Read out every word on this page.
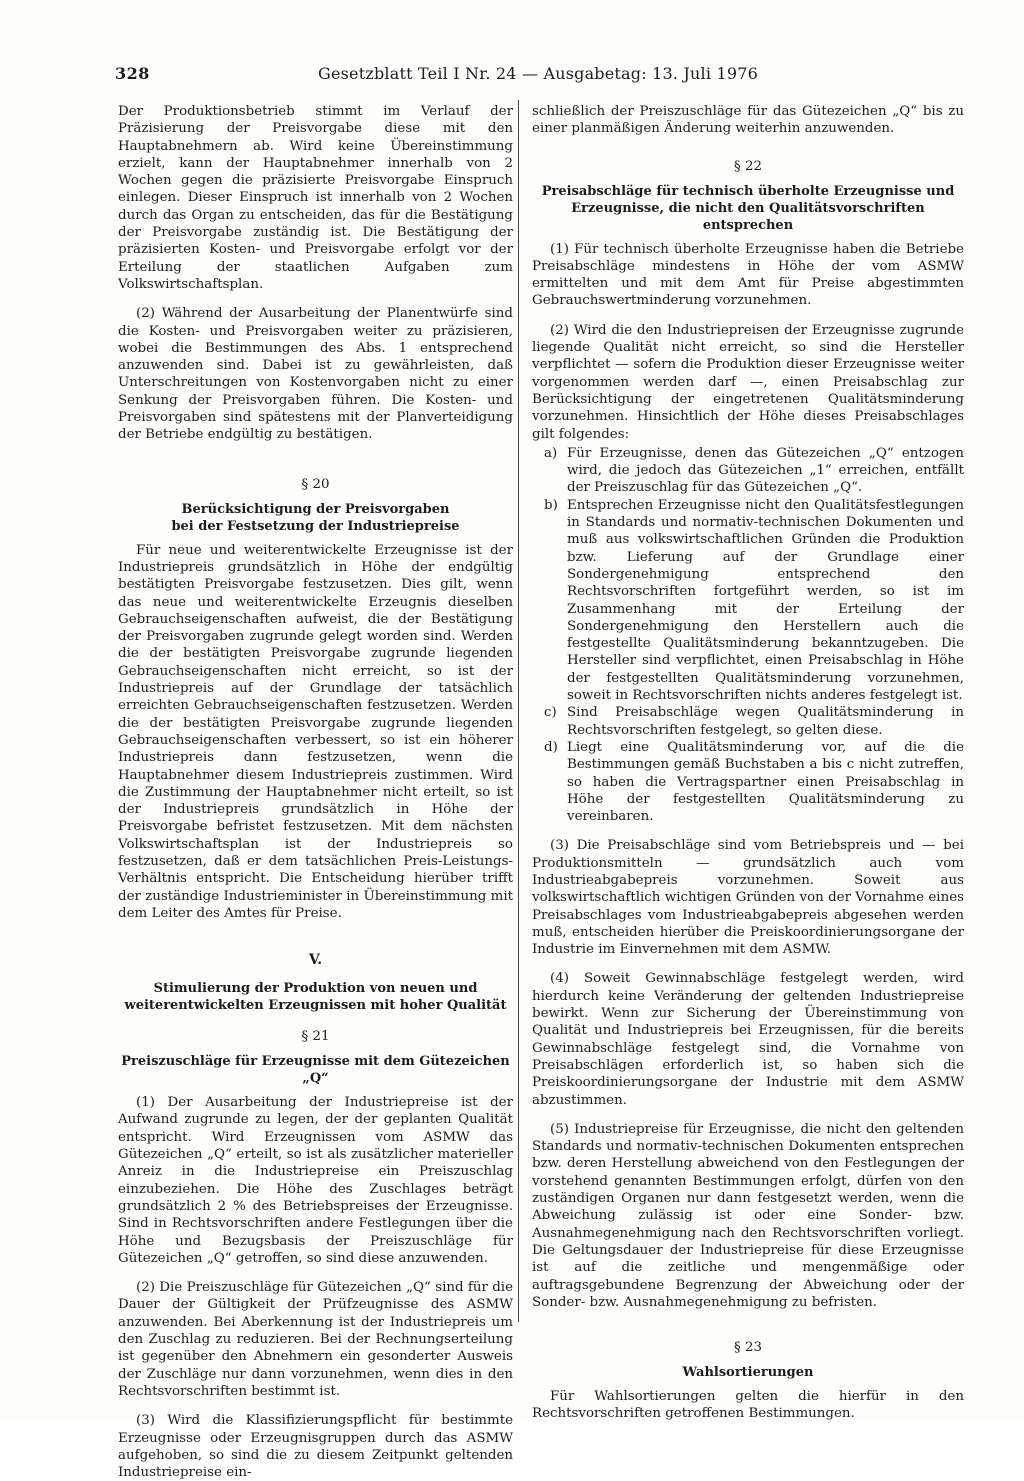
328	Gesetzblatt Teil I Nr. 24 — Ausgabetag: 13. Juli 1976

Der Produktionsbetrieb stimmt im Verlauf der Präzisierung der Preisvorgabe diese mit den Hauptabnehmern ab. Wird keine Übereinstimmung erzielt, kann der Hauptabnehmer innerhalb von 2 Wochen gegen die präzisierte Preisvorgabe Einspruch einlegen. Dieser Einspruch ist innerhalb von 2 Wochen durch das Organ zu entscheiden, das für die Bestätigung der Preisvorgabe zuständig ist. Die Bestätigung der präzisierten Kosten- und Preisvorgabe erfolgt vor der Erteilung der staatlichen Aufgaben zum Volkswirtschaftsplan.

(2) Während der Ausarbeitung der Planentwürfe sind die Kosten- und Preisvorgaben weiter zu präzisieren, wobei die Bestimmungen des Abs. 1 entsprechend anzuwenden sind. Dabei ist zu gewährleisten, daß Unterschreitungen von Kostenvorgaben nicht zu einer Senkung der Preisvorgaben führen. Die Kosten- und Preisvorgaben sind spätestens mit der Planverteidigung der Betriebe endgültig zu bestätigen.

§ 20
Berücksichtigung der Preisvorgaben
bei der Festsetzung der Industriepreise

Für neue und weiterentwickelte Erzeugnisse ist der Industriepreis grundsätzlich in Höhe der endgültig bestätigten Preisvorgabe festzusetzen. Dies gilt, wenn das neue und weiterentwickelte Erzeugnis dieselben Gebrauchseigenschaften aufweist, die der Bestätigung der Preisvorgaben zugrunde gelegt worden sind. Werden die der bestätigten Preisvorgabe zugrunde liegenden Gebrauchseigenschaften nicht erreicht, so ist der Industriepreis auf der Grundlage der tatsächlich erreichten Gebrauchseigenschaften festzusetzen. Werden die der bestätigten Preisvorgabe zugrunde liegenden Gebrauchseigenschaften verbessert, so ist ein höherer Industriepreis dann festzusetzen, wenn die Hauptabnehmer diesem Industriepreis zustimmen. Wird die Zustimmung der Hauptabnehmer nicht erteilt, so ist der Industriepreis grundsätzlich in Höhe der Preisvorgabe befristet festzusetzen. Mit dem nächsten Volkswirtschaftsplan ist der Industriepreis so festzusetzen, daß er dem tatsächlichen Preis-Leistungs-Verhältnis entspricht. Die Entscheidung hierüber trifft der zuständige Industrieminister in Übereinstimmung mit dem Leiter des Amtes für Preise.

V.
Stimulierung der Produktion von neuen und
weiterentwickelten Erzeugnissen mit hoher Qualität
§ 21
Preiszuschläge für Erzeugnisse mit dem Gütezeichen „Q“

(1) Der Ausarbeitung der Industriepreise ist der Aufwand zugrunde zu legen, der der geplanten Qualität entspricht. Wird Erzeugnissen vom ASMW das Gütezeichen „Q“ erteilt, so ist als zusätzlicher materieller Anreiz in die Industriepreise ein Preiszuschlag einzubeziehen. Die Höhe des Zuschlages beträgt grundsätzlich 2 % des Betriebspreises der Erzeugnisse. Sind in Rechtsvorschriften andere Festlegungen über die Höhe und Bezugsbasis der Preiszuschläge für Gütezeichen „Q“ getroffen, so sind diese anzuwenden.

(2) Die Preiszuschläge für Gütezeichen „Q“ sind für die Dauer der Gültigkeit der Prüfzeugnisse des ASMW anzuwenden. Bei Aberkennung ist der Industriepreis um den Zuschlag zu reduzieren. Bei der Rechnungserteilung ist gegenüber den Abnehmern ein gesonderter Ausweis der Zuschläge nur dann vorzunehmen, wenn dies in den Rechtsvorschriften bestimmt ist.

(3) Wird die Klassifizierungspflicht für bestimmte Erzeugnisse oder Erzeugnisgruppen durch das ASMW aufgehoben, so sind die zu diesem Zeitpunkt geltenden Industriepreise ein-

schließlich der Preiszuschläge für das Gütezeichen „Q“ bis zu einer planmäßigen Änderung weiterhin anzuwenden.

§ 22
Preisabschläge für technisch überholte Erzeugnisse und
Erzeugnisse, die nicht den Qualitätsvorschriften entsprechen

(1) Für technisch überholte Erzeugnisse haben die Betriebe Preisabschläge mindestens in Höhe der vom ASMW ermittelten und mit dem Amt für Preise abgestimmten Gebrauchswertminderung vorzunehmen.

(2) Wird die den Industriepreisen der Erzeugnisse zugrunde liegende Qualität nicht erreicht, so sind die Hersteller verpflichtet — sofern die Produktion dieser Erzeugnisse weiter vorgenommen werden darf —, einen Preisabschlag zur Berücksichtigung der eingetretenen Qualitätsminderung vorzunehmen. Hinsichtlich der Höhe dieses Preisabschlages gilt folgendes:

a) Für Erzeugnisse, denen das Gütezeichen „Q“ entzogen wird, die jedoch das Gütezeichen „1“ erreichen, entfällt der Preiszuschlag für das Gütezeichen „Q“.
b) Entsprechen Erzeugnisse nicht den Qualitätsfestlegungen in Standards und normativ-technischen Dokumenten und muß aus volkswirtschaftlichen Gründen die Produktion bzw. Lieferung auf der Grundlage einer Sondergenehmigung entsprechend den Rechtsvorschriften fortgeführt werden, so ist im Zusammenhang mit der Erteilung der Sondergenehmigung den Herstellern auch die festgestellte Qualitätsminderung bekanntzugeben. Die Hersteller sind verpflichtet, einen Preisabschlag in Höhe der festgestellten Qualitätsminderung vorzunehmen, soweit in Rechtsvorschriften nichts anderes festgelegt ist.
c) Sind Preisabschläge wegen Qualitätsminderung in Rechtsvorschriften festgelegt, so gelten diese.
d) Liegt eine Qualitätsminderung vor, auf die die Bestimmungen gemäß Buchstaben a bis c nicht zutreffen, so haben die Vertragspartner einen Preisabschlag in Höhe der festgestellten Qualitätsminderung zu vereinbaren.

(3) Die Preisabschläge sind vom Betriebspreis und — bei Produktionsmitteln — grundsätzlich auch vom Industrieabgabepreis vorzunehmen. Soweit aus volkswirtschaftlich wichtigen Gründen von der Vornahme eines Preisabschlages vom Industrieabgabepreis abgesehen werden muß, entscheiden hierüber die Preiskoordinierungsorgane der Industrie im Einvernehmen mit dem ASMW.

(4) Soweit Gewinnabschläge festgelegt werden, wird hierdurch keine Veränderung der geltenden Industriepreise bewirkt. Wenn zur Sicherung der Übereinstimmung von Qualität und Industriepreis bei Erzeugnissen, für die bereits Gewinnabschläge festgelegt sind, die Vornahme von Preisabschlägen erforderlich ist, so haben sich die Preiskoordinierungsorgane der Industrie mit dem ASMW abzustimmen.

(5) Industriepreise für Erzeugnisse, die nicht den geltenden Standards und normativ-technischen Dokumenten entsprechen bzw. deren Herstellung abweichend von den Festlegungen der vorstehend genannten Bestimmungen erfolgt, dürfen von den zuständigen Organen nur dann festgesetzt werden, wenn die Abweichung zulässig ist oder eine Sonder- bzw. Ausnahmegenehmigung nach den Rechtsvorschriften vorliegt. Die Geltungsdauer der Industriepreise für diese Erzeugnisse ist auf die zeitliche und mengenmäßige oder auftragsgebundene Begrenzung der Abweichung oder der Sonder- bzw. Ausnahmegenehmigung zu befristen.

§ 23
Wahlsortierungen

Für Wahlsortierungen gelten die hierfür in den Rechtsvorschriften getroffenen Bestimmungen.
